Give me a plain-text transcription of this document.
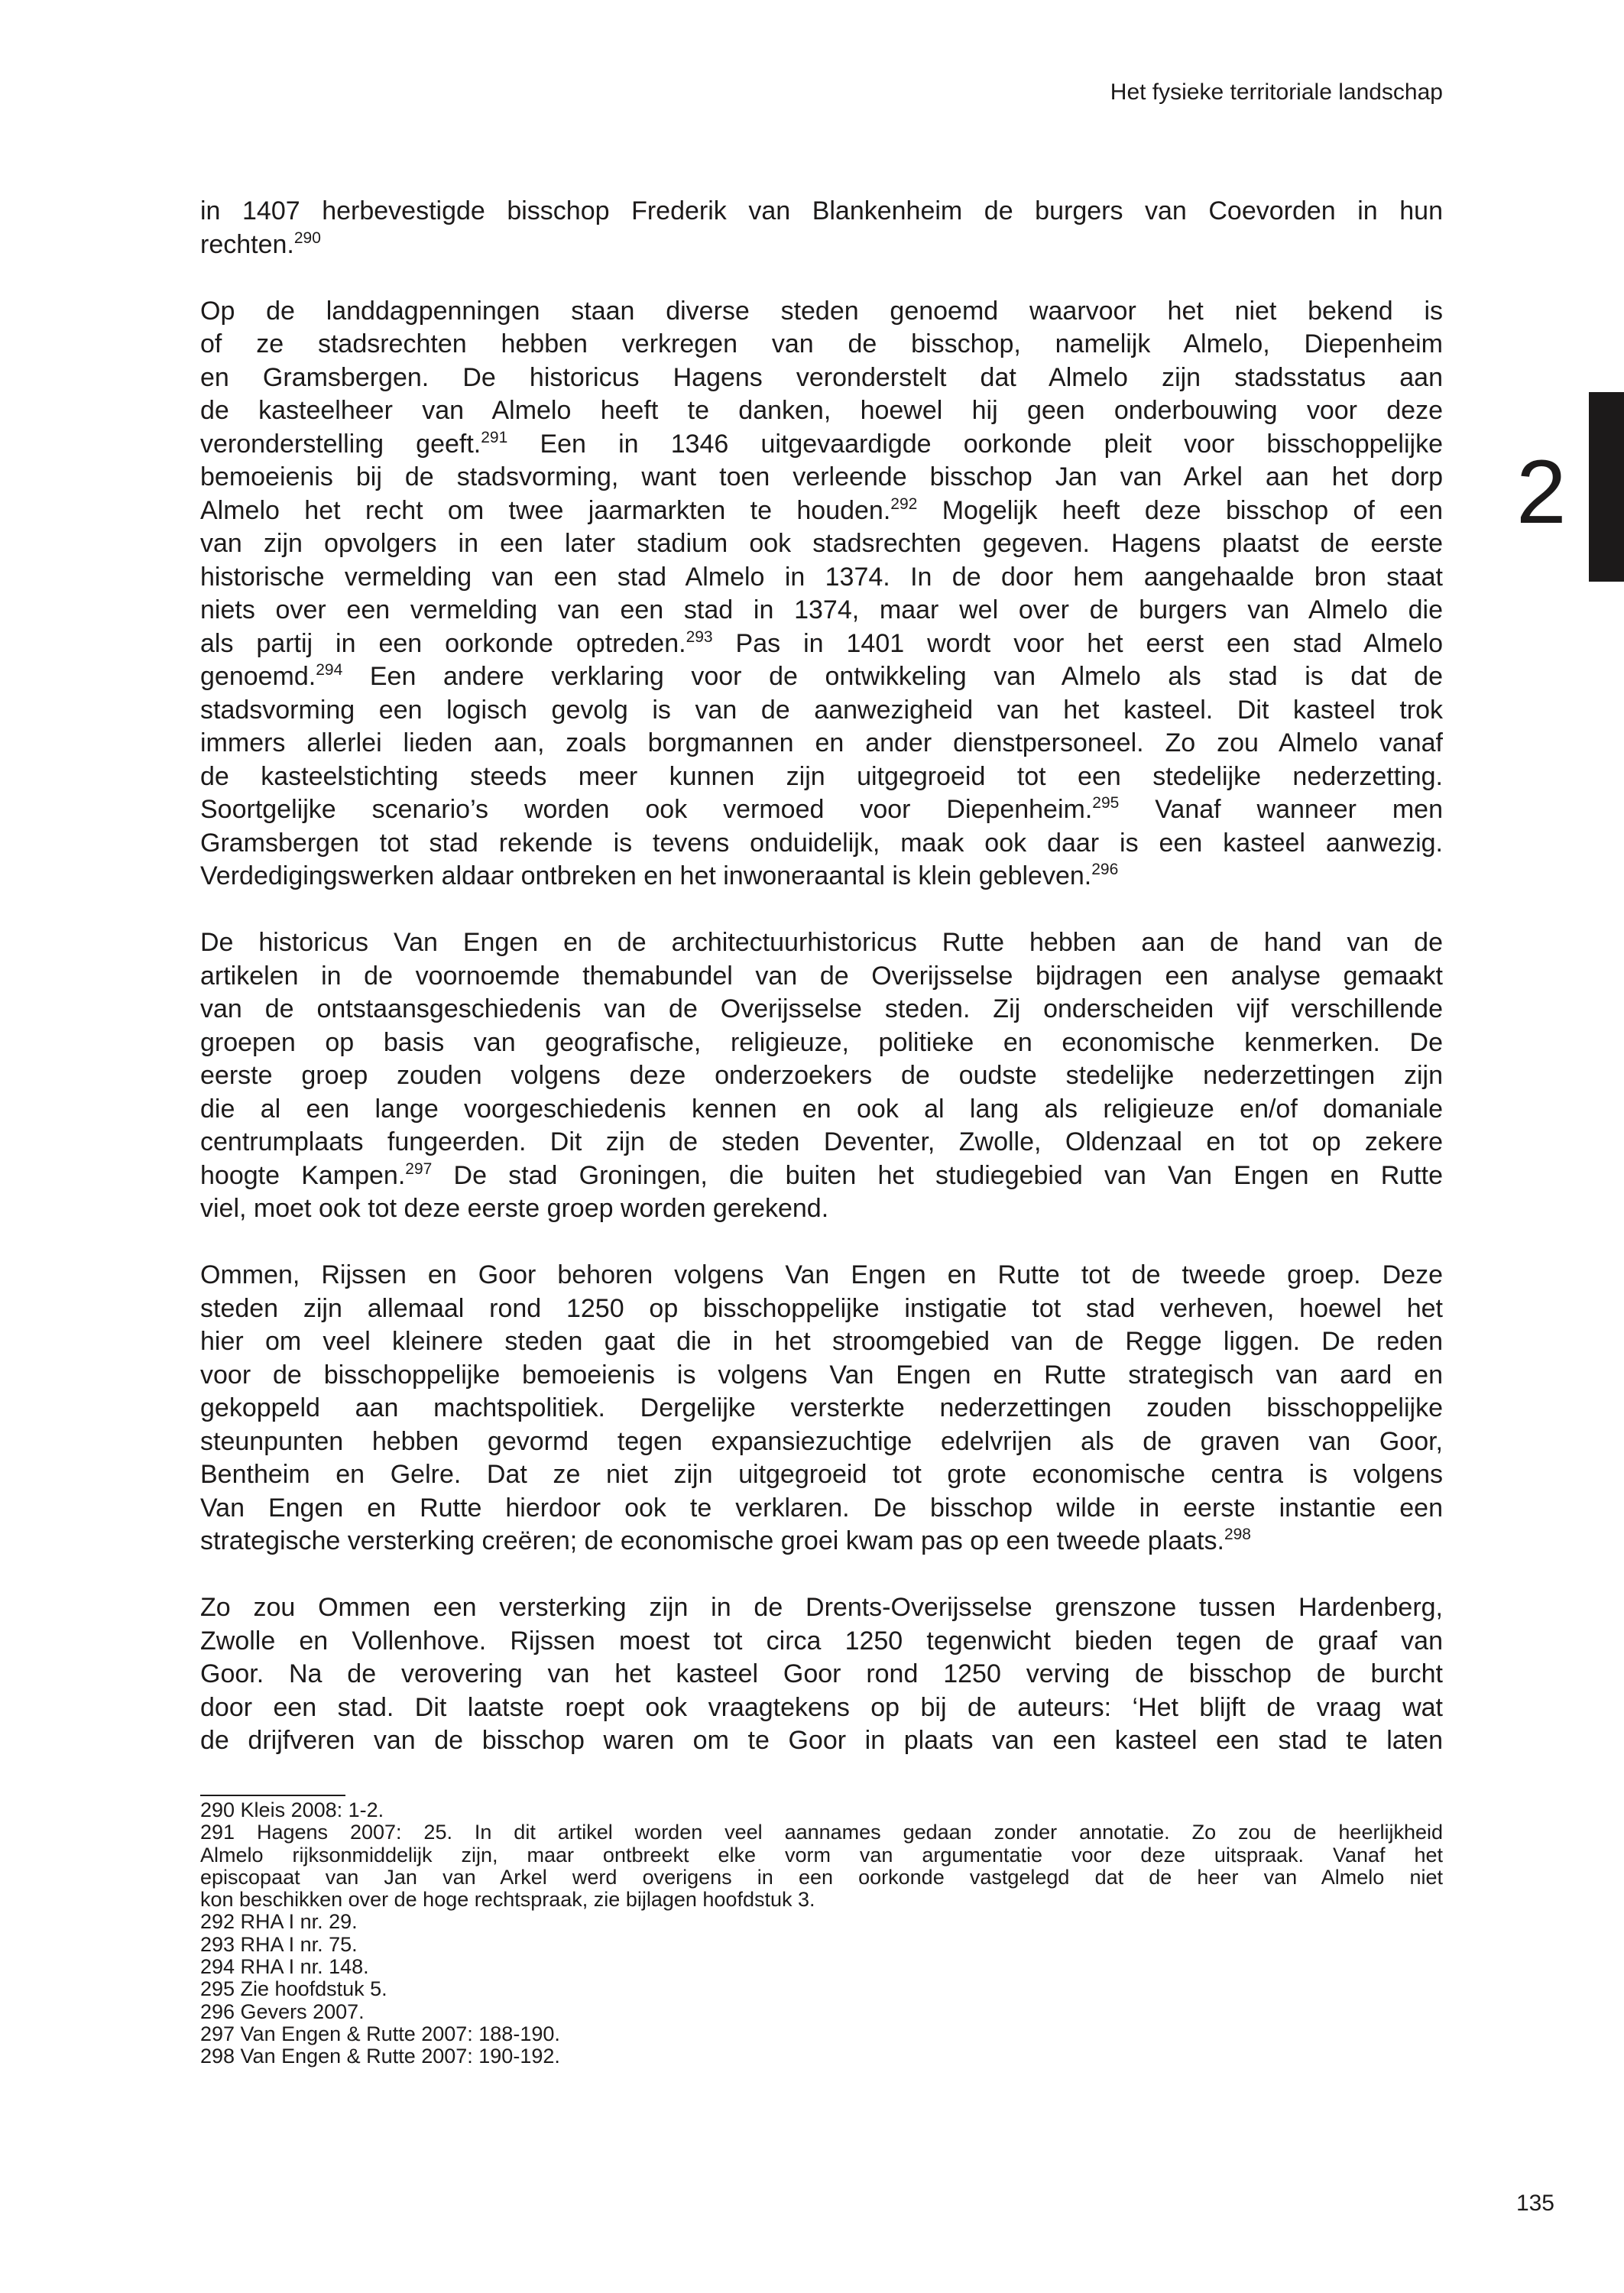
Het fysieke territoriale landschap
2
in 1407 herbevestigde bisschop Frederik van Blankenheim de burgers van Coevorden in hun
rechten.$^{290}$
Op de landdagpenningen staan diverse steden genoemd waarvoor het niet bekend is
of ze stadsrechten hebben verkregen van de bisschop, namelijk Almelo, Diepenheim
en Gramsbergen. De historicus Hagens veronderstelt dat Almelo zijn stadsstatus aan
de kasteelheer van Almelo heeft te danken, hoewel hij geen onderbouwing voor deze
veronderstelling geeft.$^{291}$ Een in 1346 uitgevaardigde oorkonde pleit voor bisschoppelijke
bemoeienis bij de stadsvorming, want toen verleende bisschop Jan van Arkel aan het dorp
Almelo het recht om twee jaarmarkten te houden.$^{292}$ Mogelijk heeft deze bisschop of een
van zijn opvolgers in een later stadium ook stadsrechten gegeven. Hagens plaatst de eerste
historische vermelding van een stad Almelo in 1374. In de door hem aangehaalde bron staat
niets over een vermelding van een stad in 1374, maar wel over de burgers van Almelo die
als partij in een oorkonde optreden.$^{293}$ Pas in 1401 wordt voor het eerst een stad Almelo
genoemd.$^{294}$ Een andere verklaring voor de ontwikkeling van Almelo als stad is dat de
stadsvorming een logisch gevolg is van de aanwezigheid van het kasteel. Dit kasteel trok
immers allerlei lieden aan, zoals borgmannen en ander dienstpersoneel. Zo zou Almelo vanaf
de kasteelstichting steeds meer kunnen zijn uitgegroeid tot een stedelijke nederzetting.
Soortgelijke scenario’s worden ook vermoed voor Diepenheim.$^{295}$ Vanaf wanneer men
Gramsbergen tot stad rekende is tevens onduidelijk, maak ook daar is een kasteel aanwezig.
Verdedigingswerken aldaar ontbreken en het inwoneraantal is klein gebleven.$^{296}$
De historicus Van Engen en de architectuurhistoricus Rutte hebben aan de hand van de
artikelen in de voornoemde themabundel van de Overijsselse bijdragen een analyse gemaakt
van de ontstaansgeschiedenis van de Overijsselse steden. Zij onderscheiden vijf verschillende
groepen op basis van geografische, religieuze, politieke en economische kenmerken. De
eerste groep zouden volgens deze onderzoekers de oudste stedelijke nederzettingen zijn
die al een lange voorgeschiedenis kennen en ook al lang als religieuze en/of domaniale
centrumplaats fungeerden. Dit zijn de steden Deventer, Zwolle, Oldenzaal en tot op zekere
hoogte Kampen.$^{297}$ De stad Groningen, die buiten het studiegebied van Van Engen en Rutte
viel, moet ook tot deze eerste groep worden gerekend.
Ommen, Rijssen en Goor behoren volgens Van Engen en Rutte tot de tweede groep. Deze
steden zijn allemaal rond 1250 op bisschoppelijke instigatie tot stad verheven, hoewel het
hier om veel kleinere steden gaat die in het stroomgebied van de Regge liggen. De reden
voor de bisschoppelijke bemoeienis is volgens Van Engen en Rutte strategisch van aard en
gekoppeld aan machtspolitiek. Dergelijke versterkte nederzettingen zouden bisschoppelijke
steunpunten hebben gevormd tegen expansiezuchtige edelvrijen als de graven van Goor,
Bentheim en Gelre. Dat ze niet zijn uitgegroeid tot grote economische centra is volgens
Van Engen en Rutte hierdoor ook te verklaren. De bisschop wilde in eerste instantie een
strategische versterking creëren; de economische groei kwam pas op een tweede plaats.$^{298}$
Zo zou Ommen een versterking zijn in de Drents-Overijsselse grenszone tussen Hardenberg,
Zwolle en Vollenhove. Rijssen moest tot circa 1250 tegenwicht bieden tegen de graaf van
Goor. Na de verovering van het kasteel Goor rond 1250 verving de bisschop de burcht
door een stad. Dit laatste roept ook vraagtekens op bij de auteurs: ‘Het blijft de vraag wat
de drijfveren van de bisschop waren om te Goor in plaats van een kasteel een stad te laten
290 Kleis 2008: 1-2.
291 Hagens 2007: 25. In dit artikel worden veel aannames gedaan zonder annotatie. Zo zou de heerlijkheid
Almelo rijksonmiddelijk zijn, maar ontbreekt elke vorm van argumentatie voor deze uitspraak. Vanaf het
episcopaat van Jan van Arkel werd overigens in een oorkonde vastgelegd dat de heer van Almelo niet
kon beschikken over de hoge rechtspraak, zie bijlagen hoofdstuk 3.
292 RHA I nr. 29.
293 RHA I nr. 75.
294 RHA I nr. 148.
295 Zie hoofdstuk 5.
296 Gevers 2007.
297 Van Engen & Rutte 2007: 188-190.
298 Van Engen & Rutte 2007: 190-192.
135
